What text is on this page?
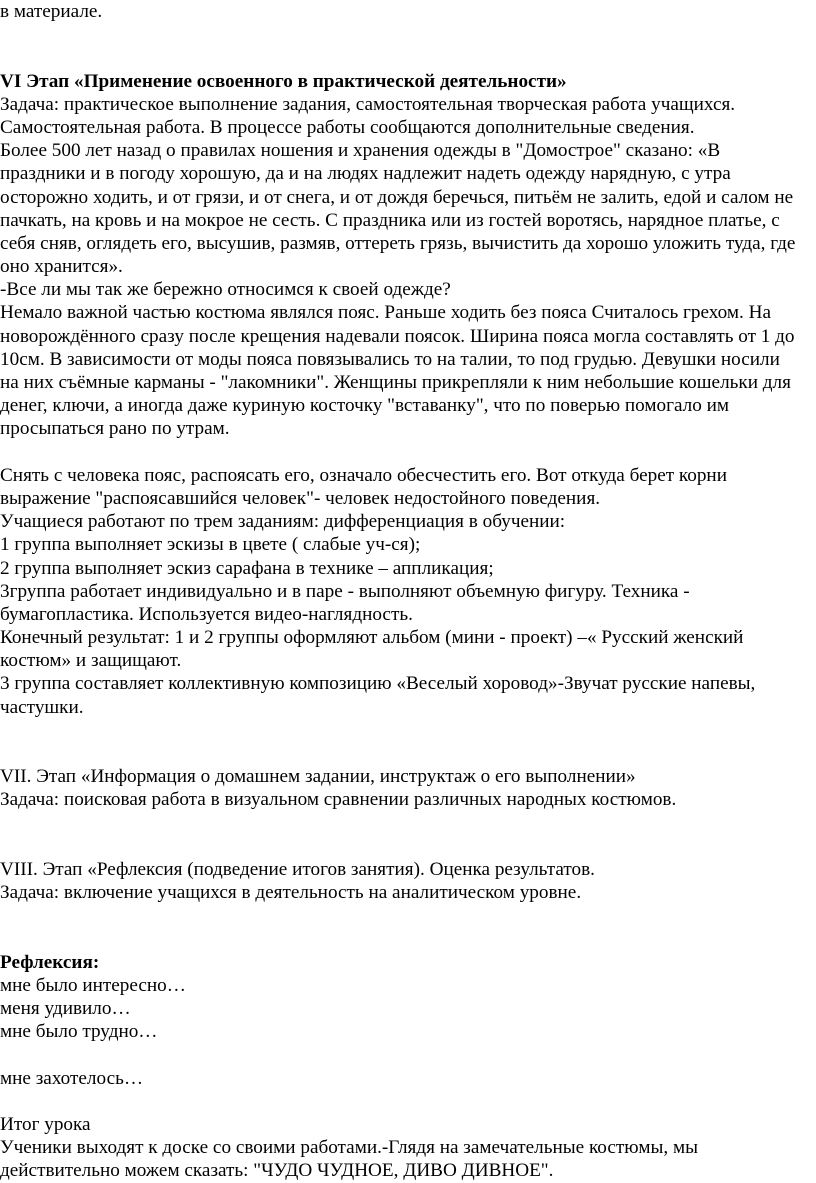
в материале.
VI Этап «Применение освоенного в практической деятельности»
Задача: практическое выполнение задания, самостоятельная творческая работа учащихся.
Самостоятельная работа. В процессе работы сообщаются дополнительные сведения.
Более 500 лет назад о правилах ношения и хранения одежды в "Домострое" сказано: «В
праздники и в погоду хорошую, да и на людях надлежит надеть одежду нарядную, с утра
осторожно ходить, и от грязи, и от снега, и от дождя беречься, питьём не залить, едой и салом не
пачкать, на кровь и на мокрое не сесть. С праздника или из гостей воротясь, нарядное платье, с
себя сняв, оглядеть его, высушив, размяв, оттереть грязь, вычистить да хорошо уложить туда, где
оно хранится».
-Все ли мы так же бережно относимся к своей одежде?
Немало важной частью костюма являлся пояс. Раньше ходить без пояса Считалось грехом. На
новорождённого сразу после крещения надевали поясок. Ширина пояса могла составлять от 1 до
10см. В зависимости от моды пояса повязывались то на талии, то под грудью. Девушки носили
на них съёмные карманы - "лакомники". Женщины прикрепляли к ним небольшие кошельки для
денег, ключи, а иногда даже куриную косточку "вставанку", что по поверью помогало им
просыпаться рано по утрам.
Снять с человека пояс, распоясать его, означало обесчестить его. Вот откуда берет корни
выражение "распоясавшийся человек"- человек недостойного поведения.
Учащиеся работают по трем заданиям: дифференциация в обучении:
1 группа выполняет эскизы в цвете ( слабые уч-ся);
2 группа выполняет эскиз сарафана в технике – аппликация;
3группа работает индивидуально и в паре - выполняют объемную фигуру. Техника -
бумагопластика. Используется видео-наглядность.
Конечный результат: 1 и 2 группы оформляют альбом (мини - проект) –« Русский женский
костюм» и защищают.
3 группа составляет коллективную композицию «Веселый хоровод»-Звучат русские напевы,
частушки.
VII. Этап «Информация о домашнем задании, инструктаж о его выполнении»
Задача: поисковая работа в визуальном сравнении различных народных костюмов.
VIII. Этап «Рефлексия (подведение итогов занятия). Оценка результатов.
Задача: включение учащихся в деятельность на аналитическом уровне.
Рефлексия:
мне было интересно…
меня удивило…
мне было трудно…
мне захотелось…
Итог урока
Ученики выходят к доске со своими работами.-Глядя на замечательные костюмы, мы
действительно можем сказать: "ЧУДО ЧУДНОЕ, ДИВО ДИВНОЕ".
